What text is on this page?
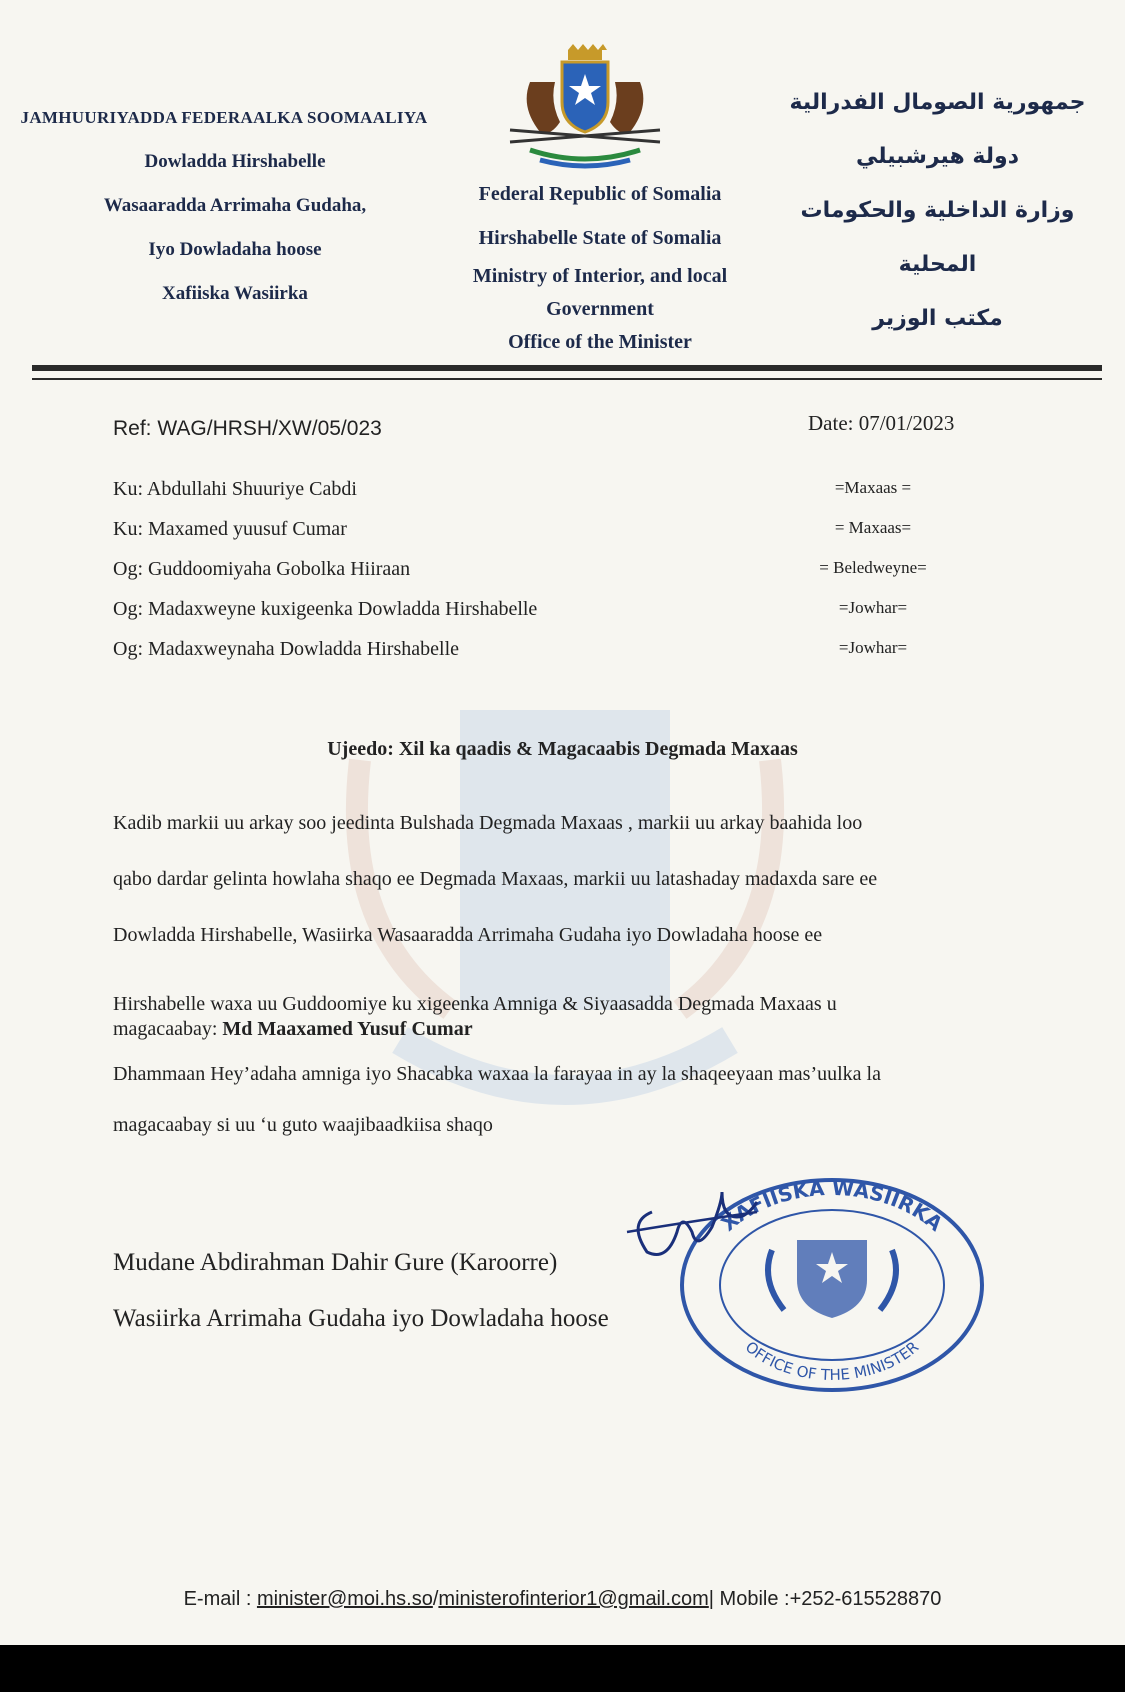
JAMHUURIYADDA FEDERAALKA SOOMAALIYA
Dowladda Hirshabelle
Wasaaradda Arrimaha Gudaha,
Iyo Dowladaha hoose
Xafiiska Wasiirka
Federal Republic of Somalia
Hirshabelle State of Somalia
Ministry of Interior, and local
Government
Office of the Minister
جمهورية الصومال الفدرالية
دولة هيرشبيلي
وزارة الداخلية والحكومات المحلية
مكتب الوزير
Ref: WAG/HRSH/XW/05/023	Date: 07/01/2023
Ku: Abdullahi Shuuriye Cabdi	=Maxaas =
Ku: Maxamed yuusuf Cumar	= Maxaas=
Og: Guddoomiyaha Gobolka Hiiraan	= Beledweyne=
Og: Madaxweyne kuxigeenka Dowladda Hirshabelle	=Jowhar=
Og: Madaxweynaha Dowladda Hirshabelle	=Jowhar=
Ujeedo: Xil ka qaadis & Magacaabis Degmada Maxaas
Kadib markii uu arkay soo jeedinta Bulshada Degmada Maxaas , markii uu arkay baahida loo
qabo dardar gelinta howlaha shaqo ee Degmada Maxaas, markii uu latashaday madaxda sare ee
Dowladda Hirshabelle, Wasiirka Wasaaradda Arrimaha Gudaha iyo Dowladaha hoose ee
Hirshabelle waxa uu Guddoomiye ku xigeenka Amniga & Siyaasadda Degmada Maxaas u
magacaabay: Md Maaxamed Yusuf Cumar
Dhammaan Hey’adaha amniga iyo Shacabka waxaa la farayaa in ay la shaqeeyaan mas’uulka la
magacaabay si uu ‘u guto waajibaadkiisa shaqo
Mudane Abdirahman Dahir Gure (Karoorre)
Wasiirka Arrimaha Gudaha iyo Dowladaha hoose
XAFIISKA WASIIRKA
OFFICE OF THE MINISTER
E-mail : minister@moi.hs.so/ministerofinterior1@gmail.com| Mobile :+252-615528870
